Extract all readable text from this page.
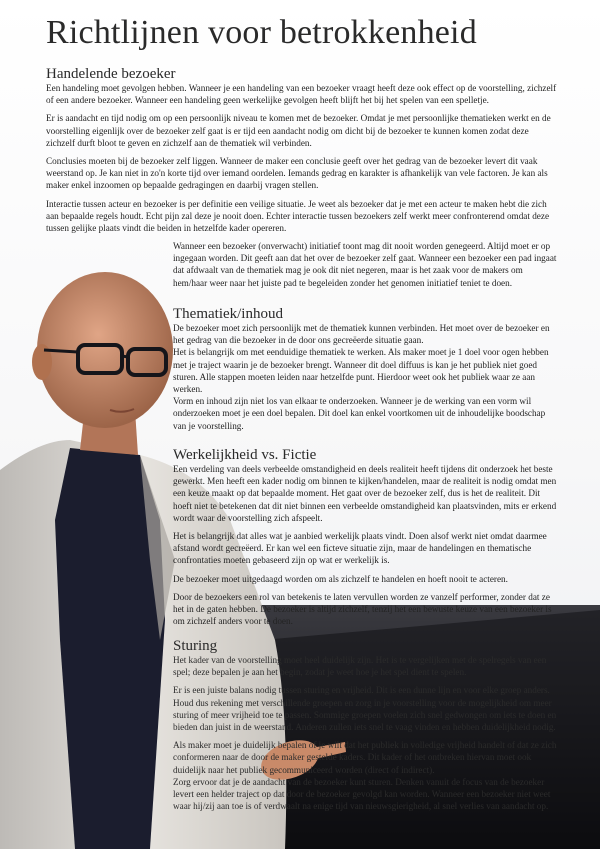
Richtlijnen voor betrokkenheid
Handelende bezoeker

Een handeling moet gevolgen hebben. Wanneer je een handeling van een bezoeker vraagt heeft deze ook effect op de voorstelling, zichzelf of een andere bezoeker. Wanneer een handeling geen werkelijke gevolgen heeft blijft het bij het spelen van een spelletje.

Er is aandacht en tijd nodig om op een persoonlijk niveau te komen met de bezoeker. Omdat je met persoonlijke thematieken werkt en de voorstelling eigenlijk over de bezoeker zelf gaat is er tijd een aandacht nodig om dicht bij de bezoeker te kunnen komen zodat deze zichzelf durft bloot te geven en zichzelf aan de thematiek wil verbinden.

Conclusies moeten bij de bezoeker zelf liggen. Wanneer de maker een conclusie geeft over het gedrag van de bezoeker levert dit vaak weerstand op. Je kan niet in zo'n korte tijd over iemand oordelen. Iemands gedrag en karakter is afhankelijk van vele factoren. Je kan als maker enkel inzoomen op bepaalde gedragingen en daarbij vragen stellen.

Interactie tussen acteur en bezoeker is per definitie een veilige situatie. Je weet als bezoeker dat je met een acteur te maken hebt die zich aan bepaalde regels houdt. Echt pijn zal deze je nooit doen. Echter interactie tussen bezoekers zelf werkt meer confronterend omdat deze tussen gelijke plaats vindt die beiden in hetzelfde kader opereren.

Wanneer een bezoeker (onverwacht) initiatief toont mag dit nooit worden genegeerd. Altijd moet er op ingegaan worden. Dit geeft aan dat het over de bezoeker zelf gaat. Wanneer een bezoeker een pad ingaat dat afdwaalt van de thematiek mag je ook dit niet negeren, maar is het zaak voor de makers om hem/haar weer naar het juiste pad te begeleiden zonder het genomen initiatief teniet te doen.

Thematiek/inhoud

De bezoeker moet zich persoonlijk met de thematiek kunnen verbinden. Het moet over de bezoeker en het gedrag van die bezoeker in de door ons gecreëerde situatie gaan.

Het is belangrijk om met eenduidige thematiek te werken. Als maker moet je 1 doel voor ogen hebben met je traject waarin je de bezoeker brengt. Wanneer dit doel diffuus is kan je het publiek niet goed sturen. Alle stappen moeten leiden naar hetzelfde punt. Hierdoor weet ook het publiek waar ze aan werken.

Vorm en inhoud zijn niet los van elkaar te onderzoeken. Wanneer je de werking van een vorm wil onderzoeken moet je een doel bepalen. Dit doel kan enkel voortkomen uit de inhoudelijke boodschap van je voorstelling.

Werkelijkheid vs. Fictie

Een verdeling van deels verbeelde omstandigheid en deels realiteit heeft tijdens dit onderzoek het beste gewerkt. Men heeft een kader nodig om binnen te kijken/handelen, maar de realiteit is nodig omdat men een keuze maakt op dat bepaalde moment. Het gaat over de bezoeker zelf, dus is het de realiteit. Dit hoeft niet te betekenen dat dit niet binnen een verbeelde omstandigheid kan plaatsvinden, mits er erkend wordt waar de voorstelling zich afspeelt.

Het is belangrijk dat alles wat je aanbied werkelijk plaats vindt. Doen alsof werkt niet omdat daarmee afstand wordt gecreëerd. Er kan wel een ficteve situatie zijn, maar de handelingen en thematische confrontaties moeten gebaseerd zijn op wat er werkelijk is.

De bezoeker moet uitgedaagd worden om als zichzelf te handelen en hoeft nooit te acteren.

Door de bezoekers een rol van betekenis te laten vervullen worden ze vanzelf performer, zonder dat ze het in de gaten hebben. De bezoeker is altijd zichzelf, tenzij het een bewuste keuze van een bezoeker is om zichzelf anders voor te doen.

Sturing

Het kader van de voorstelling moet heel duidelijk zijn. Het is te vergelijken met de spelregels van een spel; deze bepalen je aan het begin, zodat je weet hoe je het spel dient te spelen.

Er is een juiste balans nodig tussen sturing en vrijheid. Dit is een dunne lijn en voor elke groep anders. Houd dus rekening met verschillende groepen en zorg in je voorstelling voor de mogelijkheid om meer sturing of meer vrijheid toe te passen. Sommige groepen voelen zich snel gedwongen om iets te doen en bieden dan juist in de weerstand. Anderen zullen iets snel te vaag vinden en hebben duidelijkheid nodig.

Als maker moet je duidelijk bepalen of je wilt dat het publiek in volledige vrijheid handelt of dat ze zich conformeren naar de door de maker gestelde kaders. Dit kader of het ontbreken hiervan moet ook duidelijk naar het publiek gecommuniceerd worden (direct of indirect).

Zorg ervoor dat je de aandacht van de bezoeker kunt sturen. Denken vanuit de focus van de bezoeker levert een helder traject op dat door de bezoeker gevolgd kan worden. Wanneer een bezoeker niet weet waar hij/zij aan toe is of verdwaalt na enige tijd van nieuwsgierigheid, al snel verlies van aandacht op.
